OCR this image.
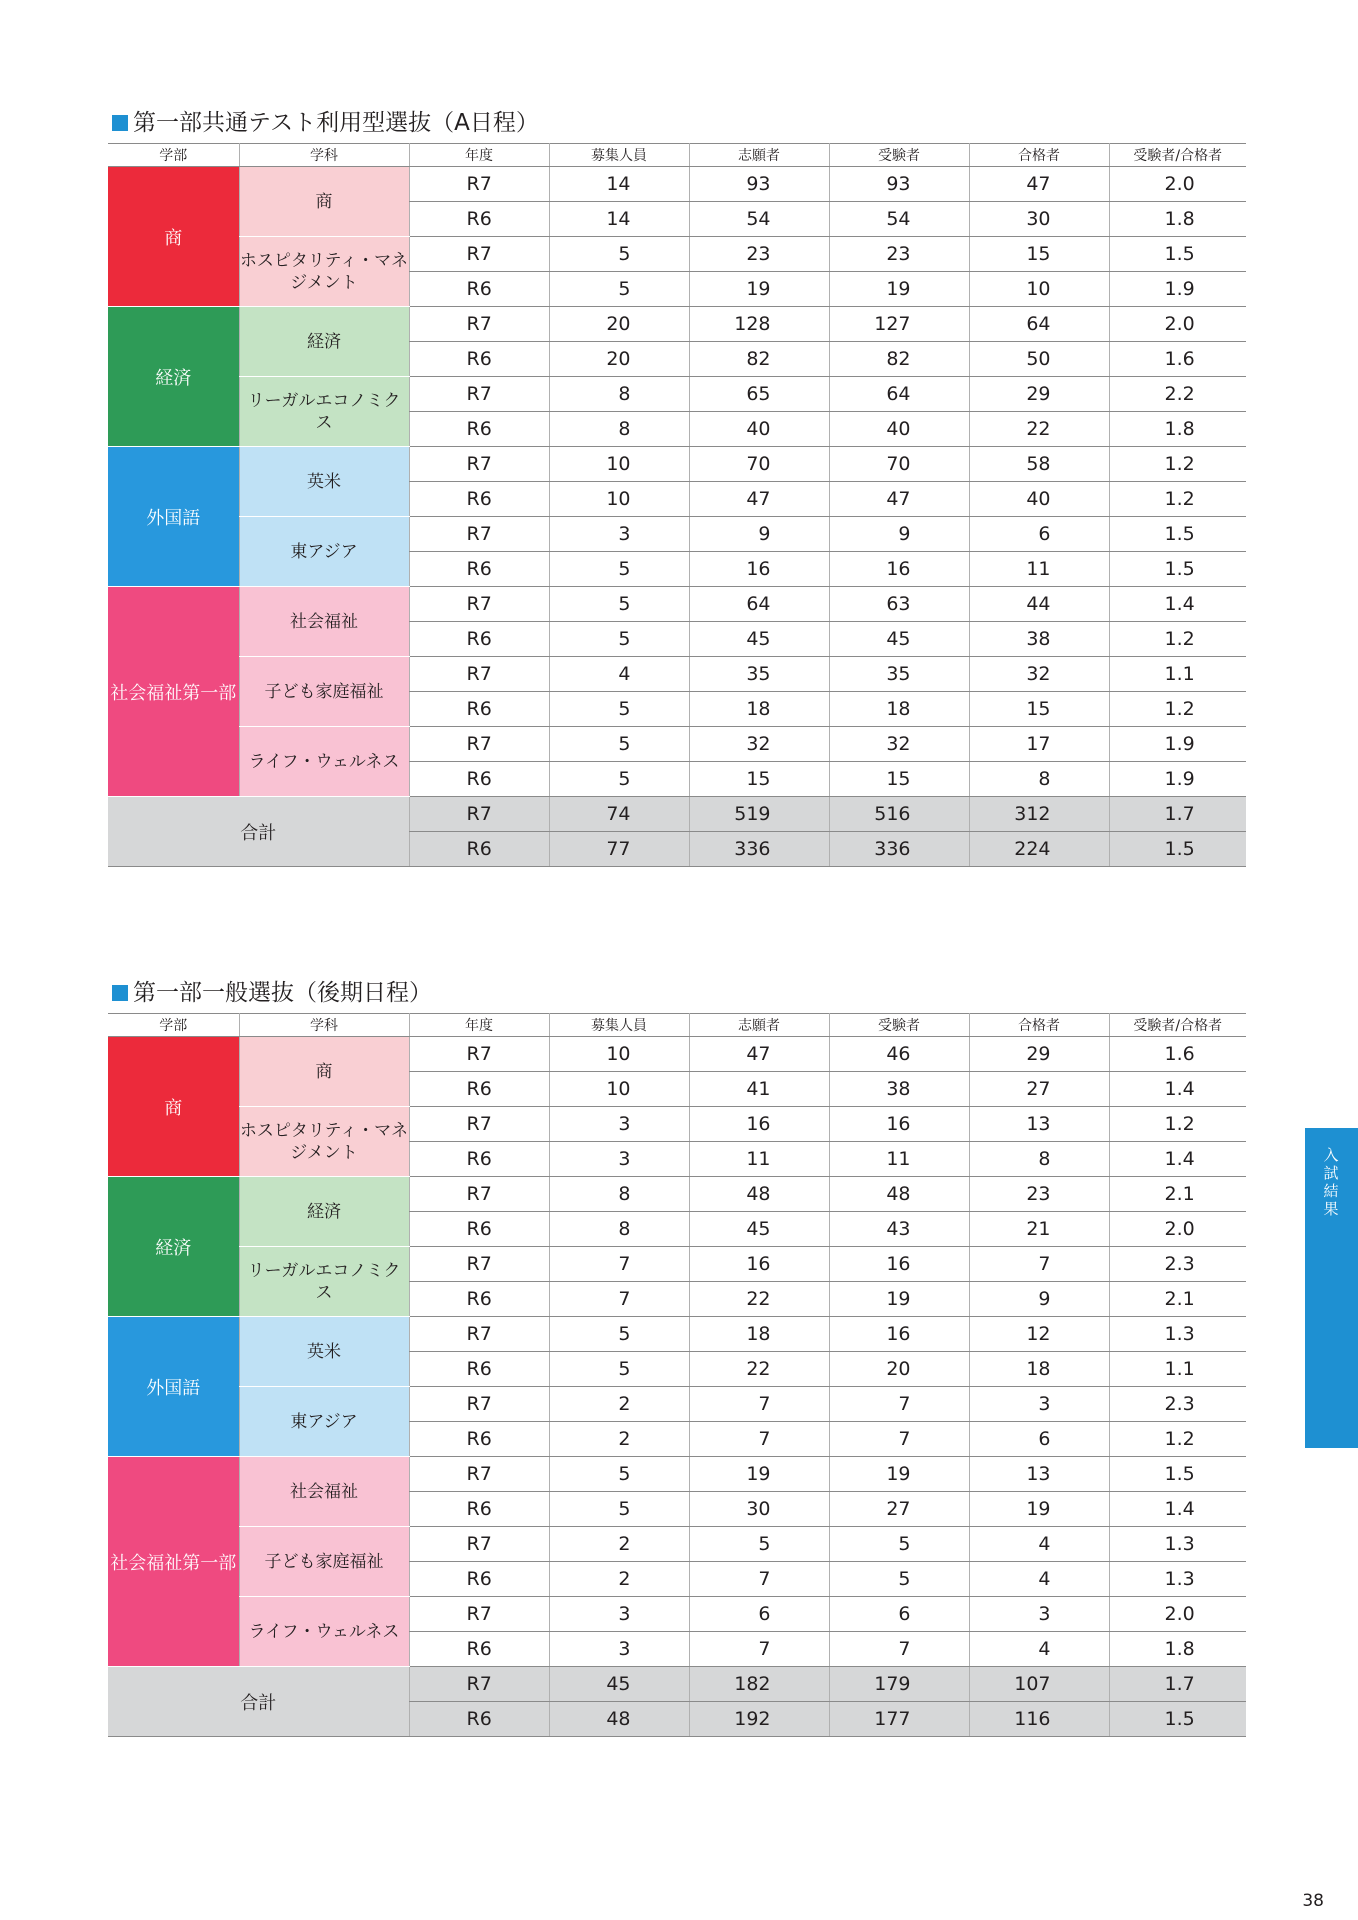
第一部共通テスト利用型選抜（A日程）
学部	学科	年度	募集人員	志願者	受験者	合格者	受験者/合格者
商	商	R7	14	93	93	47	2.0
		R6	14	54	54	30	1.8
	ホスピタリティ・マネジメント	R7	5	23	23	15	1.5
		R6	5	19	19	10	1.9
経済	経済	R7	20	128	127	64	2.0
		R6	20	82	82	50	1.6
	リーガルエコノミクス	R7	8	65	64	29	2.2
		R6	8	40	40	22	1.8
外国語	英米	R7	10	70	70	58	1.2
		R6	10	47	47	40	1.2
	東アジア	R7	3	9	9	6	1.5
		R6	5	16	16	11	1.5
社会福祉第一部	社会福祉	R7	5	64	63	44	1.4
		R6	5	45	45	38	1.2
	子ども家庭福祉	R7	4	35	35	32	1.1
		R6	5	18	18	15	1.2
	ライフ・ウェルネス	R7	5	32	32	17	1.9
		R6	5	15	15	8	1.9
合計		R7	74	519	516	312	1.7
		R6	77	336	336	224	1.5
第一部一般選抜（後期日程）
学部	学科	年度	募集人員	志願者	受験者	合格者	受験者/合格者
商	商	R7	10	47	46	29	1.6
		R6	10	41	38	27	1.4
	ホスピタリティ・マネジメント	R7	3	16	16	13	1.2
		R6	3	11	11	8	1.4
経済	経済	R7	8	48	48	23	2.1
		R6	8	45	43	21	2.0
	リーガルエコノミクス	R7	7	16	16	7	2.3
		R6	7	22	19	9	2.1
外国語	英米	R7	5	18	16	12	1.3
		R6	5	22	20	18	1.1
	東アジア	R7	2	7	7	3	2.3
		R6	2	7	7	6	1.2
社会福祉第一部	社会福祉	R7	5	19	19	13	1.5
		R6	5	30	27	19	1.4
	子ども家庭福祉	R7	2	5	5	4	1.3
		R6	2	7	5	4	1.3
	ライフ・ウェルネス	R7	3	6	6	3	2.0
		R6	3	7	7	4	1.8
合計		R7	45	182	179	107	1.7
		R6	48	192	177	116	1.5
入試結果
38
